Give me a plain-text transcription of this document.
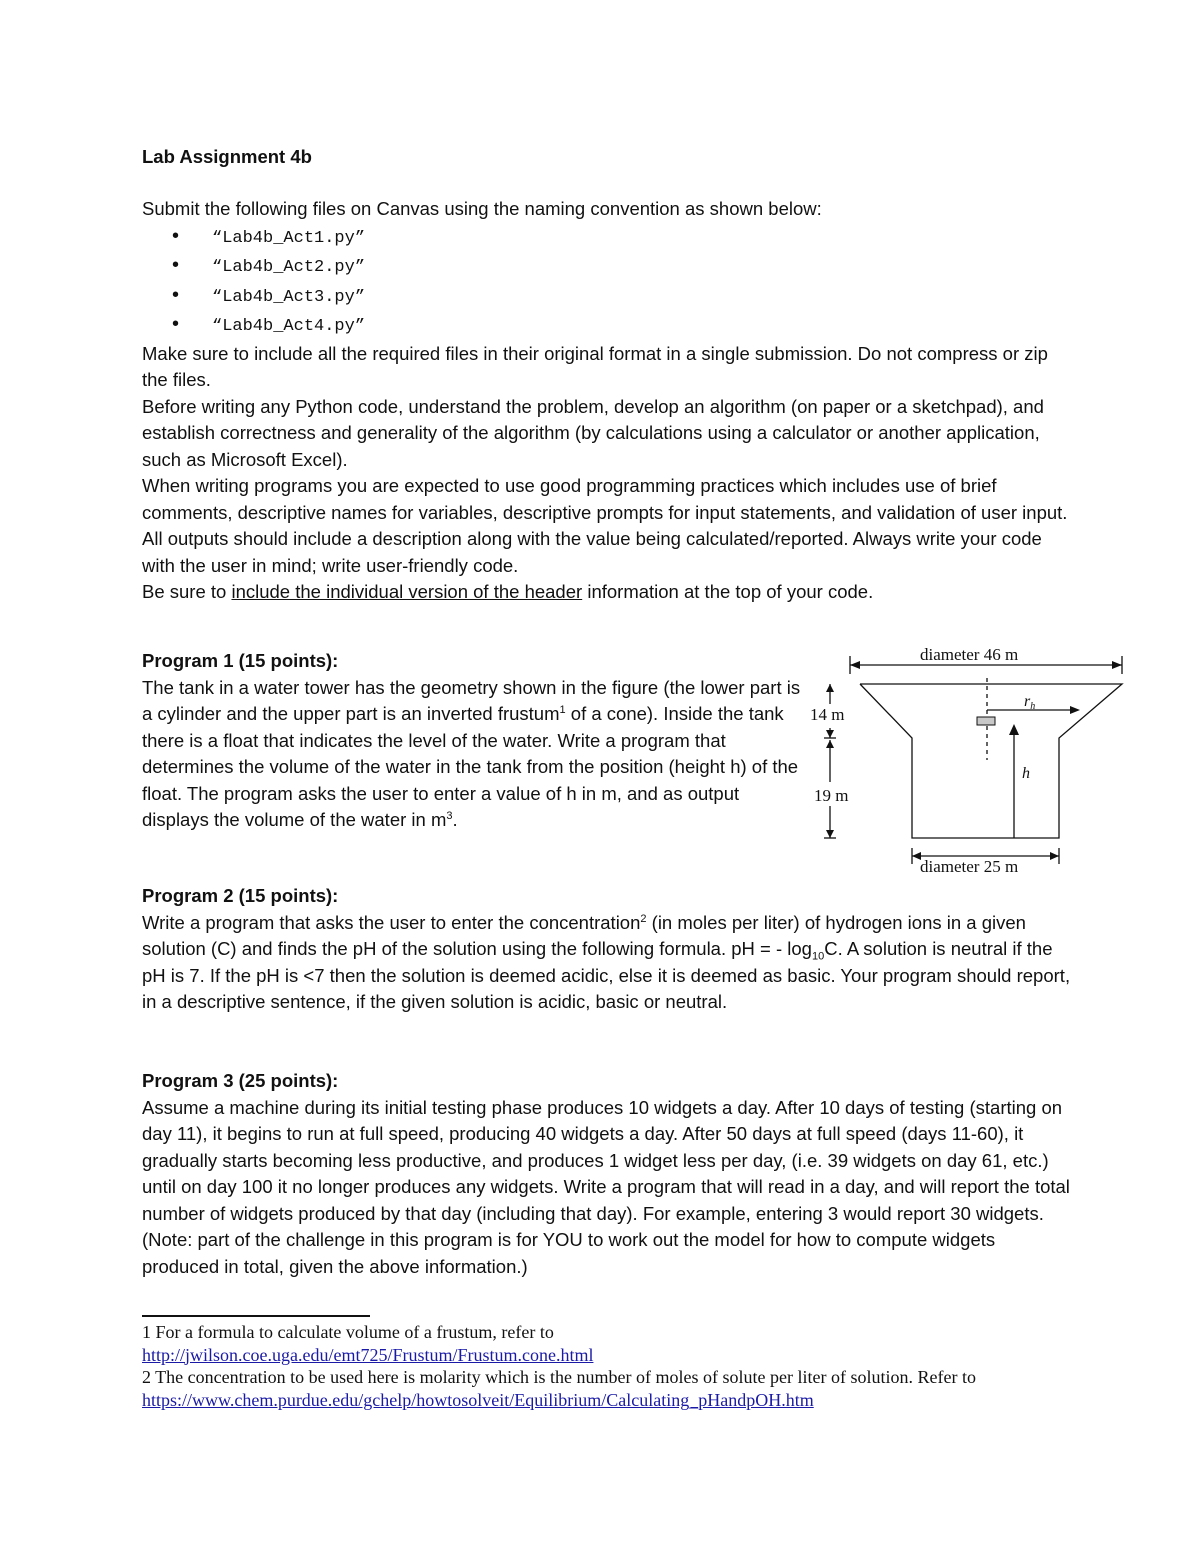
Lab Assignment 4b

Submit the following files on Canvas using the naming convention as shown below:

• “Lab4b_Act1.py”
• “Lab4b_Act2.py”
• “Lab4b_Act3.py”
• “Lab4b_Act4.py”

Make sure to include all the required files in their original format in a single submission. Do not compress or zip the files.

Before writing any Python code, understand the problem, develop an algorithm (on paper or a sketchpad), and establish correctness and generality of the algorithm (by calculations using a calculator or another application, such as Microsoft Excel).

When writing programs you are expected to use good programming practices which includes use of brief comments, descriptive names for variables, descriptive prompts for input statements, and validation of user input. All outputs should include a description along with the value being calculated/reported. Always write your code with the user in mind; write user-friendly code.

Be sure to include the individual version of the header information at the top of your code.

Program 1 (15 points):
The tank in a water tower has the geometry shown in the figure (the lower part is a cylinder and the upper part is an inverted frustum$^1$ of a cone). Inside the tank there is a float that indicates the level of the water. Write a program that determines the volume of the water in the tank from the position (height h) of the float. The program asks the user to enter a value of h in m, and as output displays the volume of the water in $m^3$.
diameter 46 m
diameter 25 m
14 m
19 m
rh
h
Program 2 (15 points):
Write a program that asks the user to enter the concentration$^2$ (in moles per liter) of hydrogen ions in a given solution (C) and finds the pH of the solution using the following formula. pH = - $\log_{10}C$. A solution is neutral if the pH is 7. If the pH is <7 then the solution is deemed acidic, else it is deemed as basic. Your program should report, in a descriptive sentence, if the given solution is acidic, basic or neutral.
Program 3 (25 points):
Assume a machine during its initial testing phase produces 10 widgets a day. After 10 days of testing (starting on day 11), it begins to run at full speed, producing 40 widgets a day. After 50 days at full speed (days 11-60), it gradually starts becoming less productive, and produces 1 widget less per day, (i.e. 39 widgets on day 61, etc.) until on day 100 it no longer produces any widgets. Write a program that will read in a day, and will report the total number of widgets produced by that day (including that day). For example, entering 3 would report 30 widgets. (Note: part of the challenge in this program is for YOU to work out the model for how to compute widgets produced in total, given the above information.)
1 For a formula to calculate volume of a frustum, refer to
http://jwilson.coe.uga.edu/emt725/Frustum/Frustum.cone.html
2 The concentration to be used here is molarity which is the number of moles of solute per liter of solution. Refer to
https://www.chem.purdue.edu/gchelp/howtosolveit/Equilibrium/Calculating_pHandpOH.htm
